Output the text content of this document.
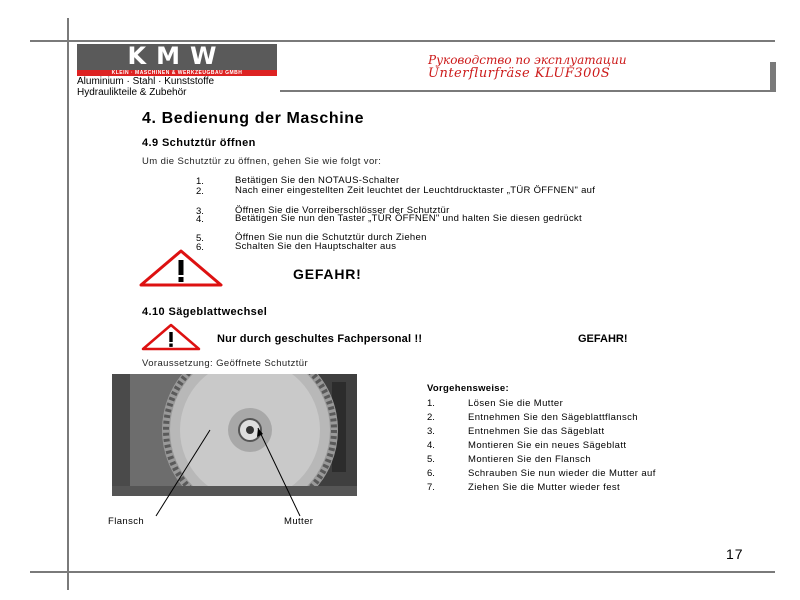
KMW
KLEIN · MASCHINEN & WERKZEUGBAU GMBH
Aluminium · Stahl · Kunststoffe
Hydraulikteile & Zubehör
Руководство по эксплуатации
Unterflurfräse KLUF300S
4. Bedienung der Maschine
4.9 Schutztür öffnen
Um die Schutztür zu öffnen, gehen Sie wie folgt vor:
1.	Betätigen Sie den NOTAUS-Schalter
2.	Nach einer eingestellten Zeit leuchtet der Leuchtdrucktaster „TÜR ÖFFNEN" auf
3.	Öffnen Sie die Vorreiberschlösser der Schutztür
4.	Betätigen Sie nun den Taster „TÜR ÖFFNEN" und halten Sie diesen gedrückt
5.	Öffnen Sie nun die Schutztür durch Ziehen
6.	Schalten Sie den Hauptschalter aus
GEFAHR!
4.10 Sägeblattwechsel
Nur durch geschultes Fachpersonal !!	GEFAHR!
Voraussetzung: Geöffnete Schutztür
Flansch	Mutter
Vorgehensweise:
1.	Lösen Sie die Mutter
2.	Entnehmen Sie den Sägeblattflansch
3.	Entnehmen Sie das Sägeblatt
4.	Montieren Sie ein neues Sägeblatt
5.	Montieren Sie den Flansch
6.	Schrauben Sie nun wieder die Mutter auf
7.	Ziehen Sie die Mutter wieder fest
17
